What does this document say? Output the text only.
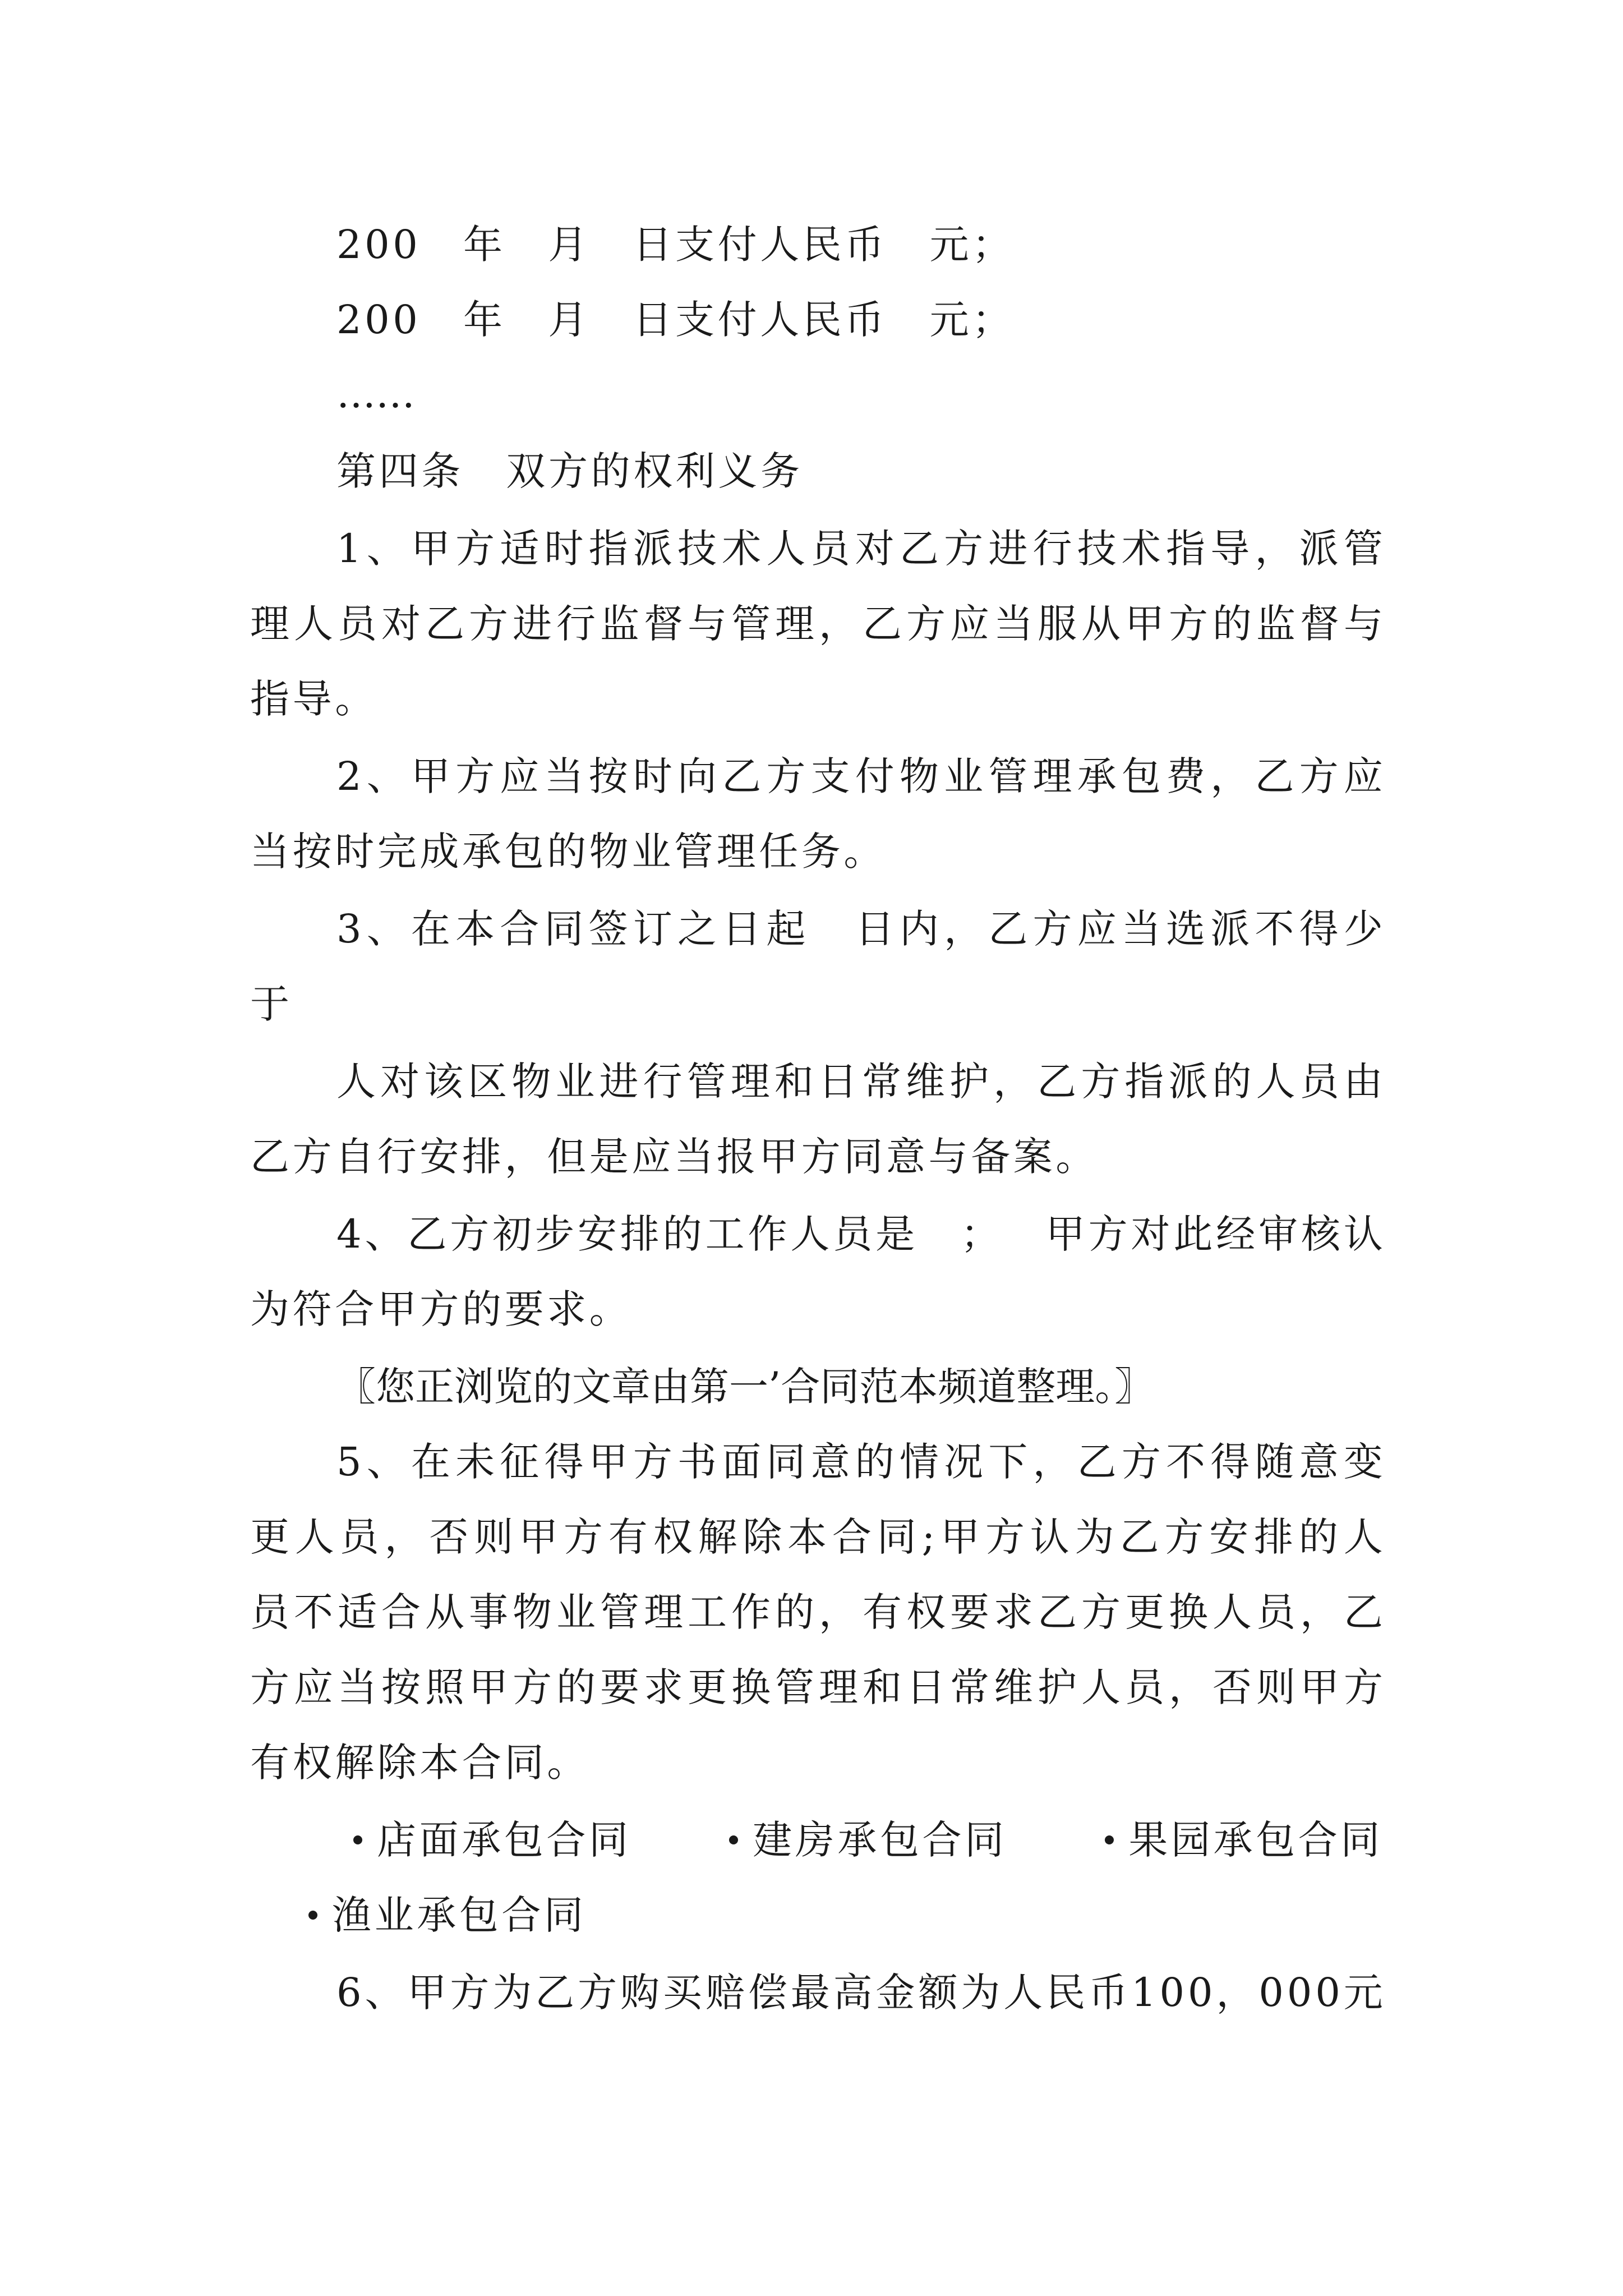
200　年　月　日支付人民币　元；
200　年　月　日支付人民币　元；
……
第四条　双方的权利义务
1 、 甲 方 适 时 指 派 技 术 人 员 对 乙 方 进 行 技 术 指 导 ， 派 管
理 人 员 对 乙 方 进 行 监 督 与 管 理 ， 乙 方 应 当 服 从 甲 方 的 监 督 与
指导。
2 、 甲 方 应 当 按 时 向 乙 方 支 付 物 业 管 理 承 包 费 ， 乙 方 应
当按时完成承包的物业管理任务。
3 、 在 本 合 同 签 订 之 日 起
　 日 内 ， 乙 方 应 当 选 派 不 得 少
于
人 对 该 区 物 业 进 行 管 理 和 日 常 维 护 ， 乙 方 指 派 的 人 员 由
乙方自行安排，但是应当报甲方同意与备案。
4 、 乙 方 初 步 安 排 的 工 作 人 员 是
　 ；
　 甲 方 对 此 经 审 核 认
为符合甲方的要求。
〖您正浏览的文章由第一’合同范本频道整理。〗
5 、 在 未 征 得 甲 方 书 面 同 意 的 情 况 下 ， 乙 方 不 得 随 意 变
更 人 员 ， 否 则 甲 方 有 权 解 除 本 合 同 ; 甲 方 认 为 乙 方 安 排 的 人
员 不 适 合 从 事 物 业 管 理 工 作 的 ， 有 权 要 求 乙 方 更 换 人 员 ， 乙
方 应 当 按 照 甲 方 的 要 求 更 换 管 理 和 日 常 维 护 人 员 ， 否 则 甲 方
有权解除本合同。
店面承包合同	建房承包合同	果园承包合同
渔业承包合同
6 、 甲 方 为 乙 方 购 买 赔 偿 最 高 金 额 为 人 民 币 1 0 0 ， 0 0 0 元
